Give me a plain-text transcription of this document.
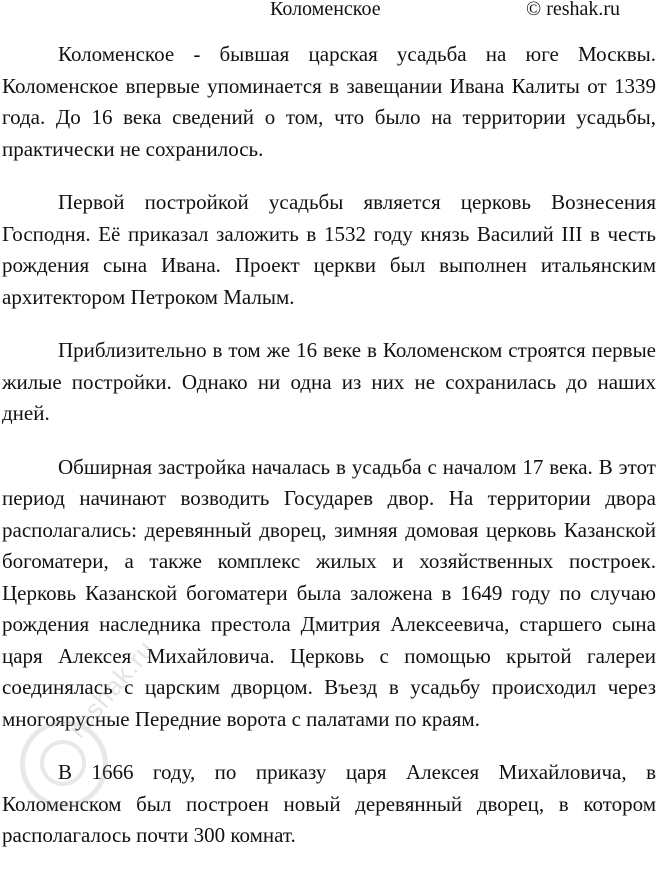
Коломенское	© reshak.ru

Коломенское - бывшая царская усадьба на юге Москвы. Коломенское впервые упоминается в завещании Ивана Калиты от 1339 года. До 16 века сведений о том, что было на территории усадьбы, практически не сохранилось.

Первой постройкой усадьбы является церковь Вознесения Господня. Её приказал заложить в 1532 году князь Василий III в честь рождения сына Ивана. Проект церкви был выполнен итальянским архитектором Петроком Малым.

Приблизительно в том же 16 веке в Коломенском строятся первые жилые постройки. Однако ни одна из них не сохранилась до наших дней.

Обширная застройка началась в усадьба с началом 17 века. В этот период начинают возводить Государев двор. На территории двора располагались: деревянный дворец, зимняя домовая церковь Казанской богоматери, а также комплекс жилых и хозяйственных построек. Церковь Казанской богоматери была заложена в 1649 году по случаю рождения наследника престола Дмитрия Алексеевича, старшего сына царя Алексея Михайловича. Церковь с помощью крытой галереи соединялась с царским дворцом. Въезд в усадьбу происходил через многоярусные Передние ворота с палатами по краям.

В 1666 году, по приказу царя Алексея Михайловича, в Коломенском был построен новый деревянный дворец, в котором располагалось почти 300 комнат.

reshak.ru
